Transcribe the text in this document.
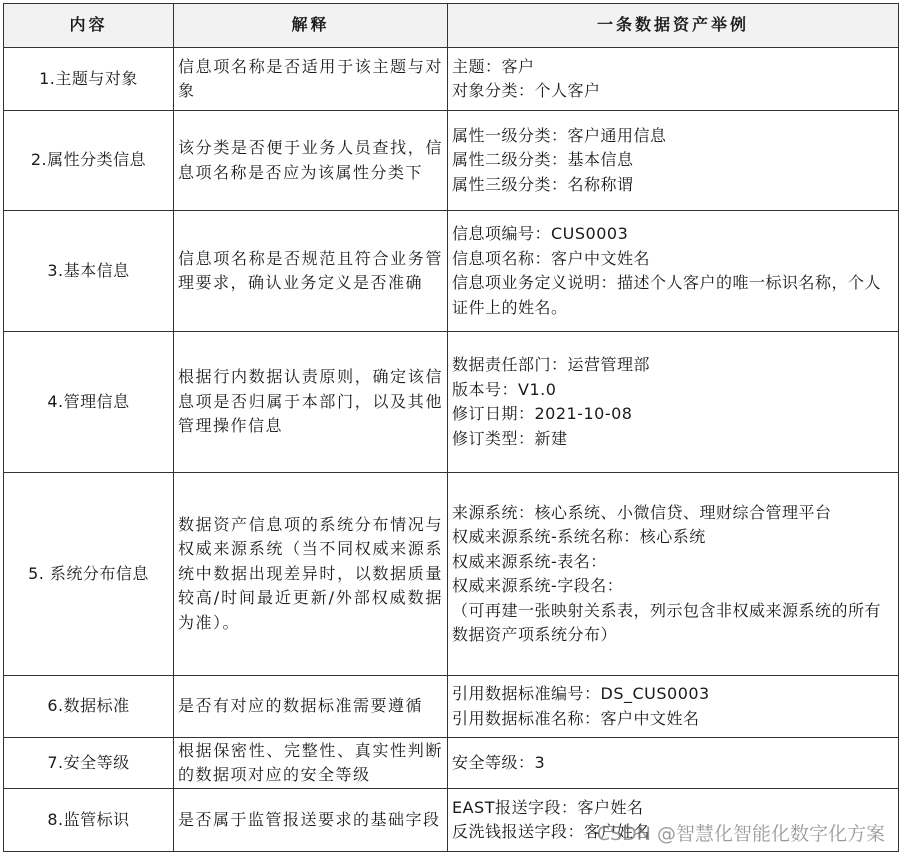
内容	解释	一条数据资产举例
1.主题与对象	信息项名称是否适用于该主题与对象	主题：客户
对象分类：个人客户

2.属性分类信息	该分类是否便于业务人员查找，信息项名称是否应为该属性分类下	属性一级分类：客户通用信息
属性二级分类：基本信息
属性三级分类：名称称谓

3.基本信息	信息项名称是否规范且符合业务管理要求，确认业务定义是否准确	信息项编号：CUS0003
信息项名称：客户中文姓名
信息项业务定义说明：描述个人客户的唯一标识名称，个人证件上的姓名。

4.管理信息	根据行内数据认责原则，确定该信息项是否归属于本部门，以及其他管理操作信息	数据责任部门：运营管理部
版本号：V1.0
修订日期：2021-10-08
修订类型：新建

5. 系统分布信息	数据资产信息项的系统分布情况与权威来源系统（当不同权威来源系统中数据出现差异时，以数据质量较高/时间最近更新/外部权威数据为准）。	来源系统：核心系统、小微信贷、理财综合管理平台
权威来源系统-系统名称：核心系统
权威来源系统-表名：
权威来源系统-字段名：
（可再建一张映射关系表，列示包含非权威来源系统的所有数据资产项系统分布）

6.数据标准	是否有对应的数据标准需要遵循	引用数据标准编号：DS_CUS0003
引用数据标准名称：客户中文姓名

7.安全等级	根据保密性、完整性、真实性判断的数据项对应的安全等级	安全等级：3

8.监管标识	是否属于监管报送要求的基础字段	EAST报送字段：客户姓名
反洗钱报送字段：客户姓名
CSDN @智慧化智能化数字化方案
